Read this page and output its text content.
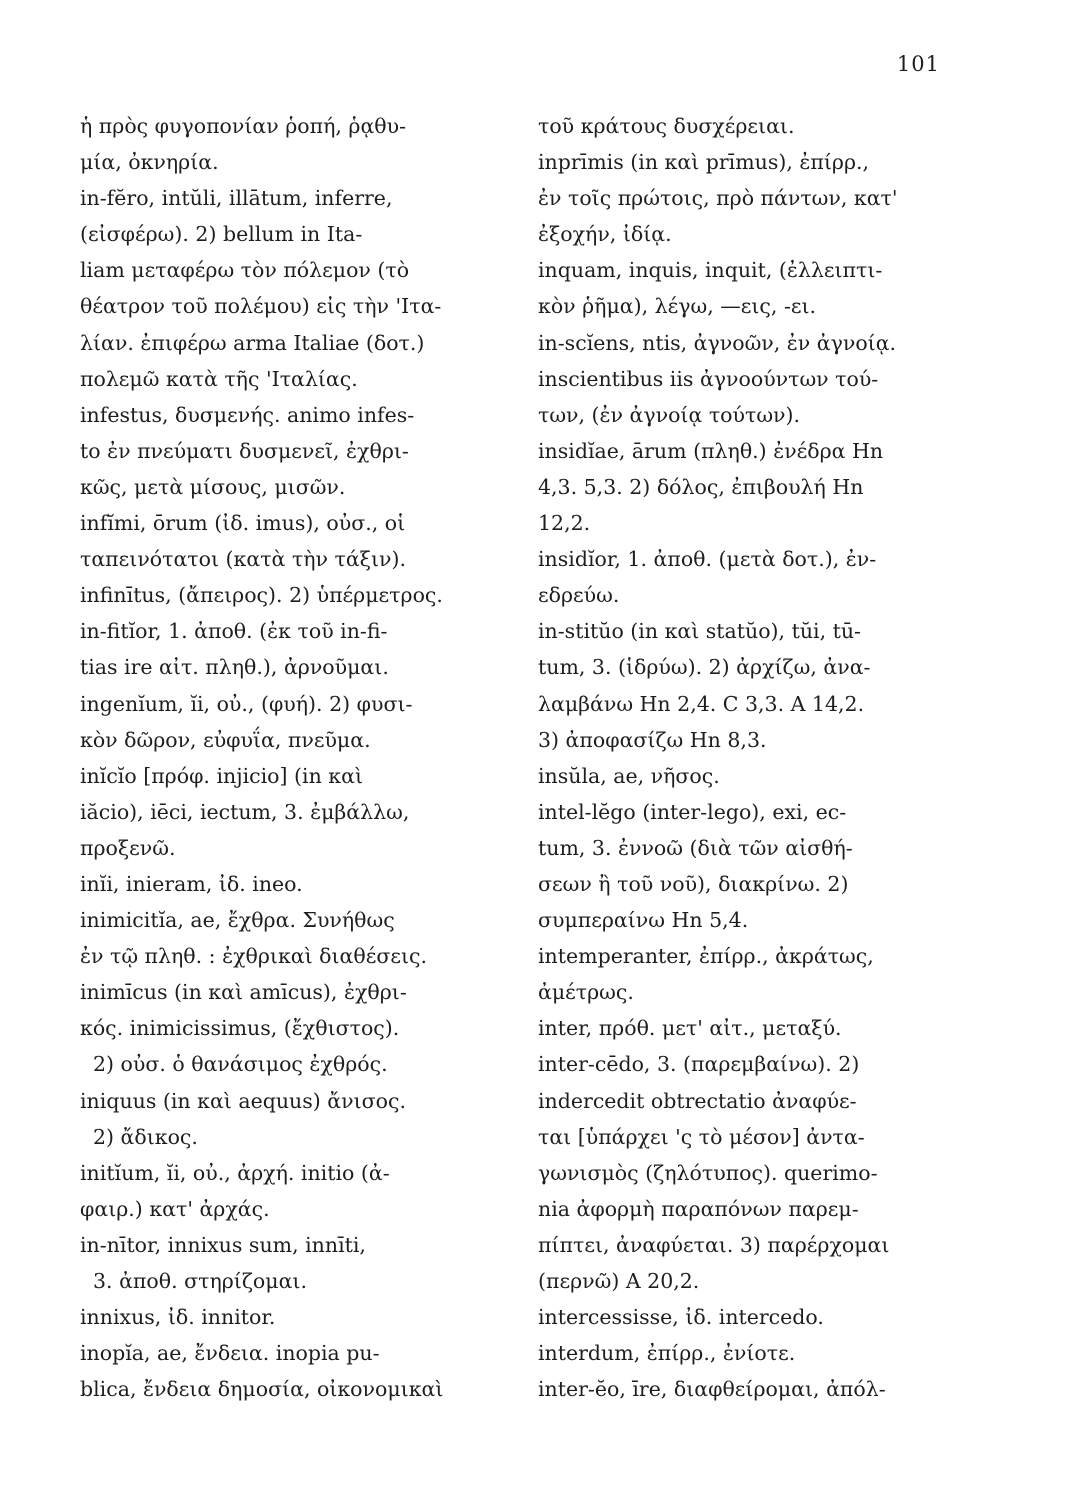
101
ἡ πρὸς φυγοπονίαν ῥοπή, ῥᾳθυ-
μία, ὀκνηρία.
in-fĕro, intŭli, illātum, inferre,
(εἰσφέρω). 2) bellum in Ita-
liam μεταφέρω τὸν πόλεμον (τὸ
θέατρον τοῦ πολέμου) εἰς τὴν 'Ιτα-
λίαν. ἐπιφέρω arma Italiae (δοτ.)
πολεμῶ κατὰ τῆς 'Ιταλίας.
infestus, δυσμενής. animo infes-
to ἐν πνεύματι δυσμενεῖ, ἐχθρι-
κῶς, μετὰ μίσους, μισῶν.
infĭmi, ōrum (ἰδ. imus), οὐσ., οἱ
ταπεινότατοι (κατὰ τὴν τάξιν).
infinītus, (ἄπειρος). 2) ὑπέρμετρος.
in-fitĭor, 1. ἀποθ. (ἐκ τοῦ in-fi-
tias ire αἰτ. πληθ.), ἀρνοῦμαι.
ingenĭum, ĭi, οὐ., (φυή). 2) φυσι-
κὸν δῶρον, εὐφυΐα, πνεῦμα.
inĭcĭo [πρόφ. injicio] (in καὶ
iăcio), iēci, iectum, 3. ἐμβάλλω,
προξενῶ.
inĭi, inieram, ἰδ. ineo.
inimicitĭa, ae, ἔχθρα. Συνήθως
ἐν τῷ πληθ. : ἐχθρικαὶ διαθέσεις.
inimīcus (in καὶ amīcus), ἐχθρι-
κός. inimicissimus, (ἔχθιστος).
2) οὐσ. ὁ θανάσιμος ἐχθρός.
iniquus (in καὶ aequus) ἄνισος.
2) ἄδικος.
initĭum, ĭi, οὐ., ἀρχή. initio (ἀ-
φαιρ.) κατ' ἀρχάς.
in-nītor, innixus sum, innīti,
3. ἀποθ. στηρίζομαι.
innixus, ἰδ. innitor.
inopĭa, ae, ἔνδεια. inopia pu-
blica, ἔνδεια δημοσία, οἰκονομικαὶ
τοῦ κράτους δυσχέρειαι.
inprīmis (in καὶ prīmus), ἐπίρρ.,
ἐν τοῖς πρώτοις, πρὸ πάντων, κατ'
ἐξοχήν, ἰδίᾳ.
inquam, inquis, inquit, (ἐλλειπτι-
κὸν ῥῆμα), λέγω, —εις, -ει.
in-scĭens, ntis, ἀγνοῶν, ἐν ἀγνοίᾳ.
inscientibus iis ἀγνοούντων τού-
των, (ἐν ἀγνοίᾳ τούτων).
insidĭae, ārum (πληθ.) ἐνέδρα Hn
4,3. 5,3. 2) δόλος, ἐπιβουλή Hn
12,2.
insidĭor, 1. ἀποθ. (μετὰ δοτ.), ἐν-
εδρεύω.
in-stitŭo (in καὶ statŭo), tŭi, tū-
tum, 3. (ἱδρύω). 2) ἀρχίζω, ἀνα-
λαμβάνω Hn 2,4. C 3,3. A 14,2.
3) ἀποφασίζω Hn 8,3.
insŭla, ae, νῆσος.
intel-lĕgo (inter-lego), exi, ec-
tum, 3. ἐννοῶ (διὰ τῶν αἰσθή-
σεων ἢ τοῦ νοῦ), διακρίνω. 2)
συμπεραίνω Hn 5,4.
intemperanter, ἐπίρρ., ἀκράτως,
ἀμέτρως.
inter, πρόθ. μετ' αἰτ., μεταξύ.
inter-cēdo, 3. (παρεμβαίνω). 2)
indercedit obtrectatio ἀναφύε-
ται [ὑπάρχει 'ς τὸ μέσον] ἀντα-
γωνισμὸς (ζηλότυπος). querimo-
nia ἀφορμὴ παραπόνων παρεμ-
πίπτει, ἀναφύεται. 3) παρέρχομαι
(περνῶ) A 20,2.
intercessisse, ἰδ. intercedo.
interdum, ἐπίρρ., ἐνίοτε.
inter-ĕo, īre, διαφθείρομαι, ἀπόλ-
